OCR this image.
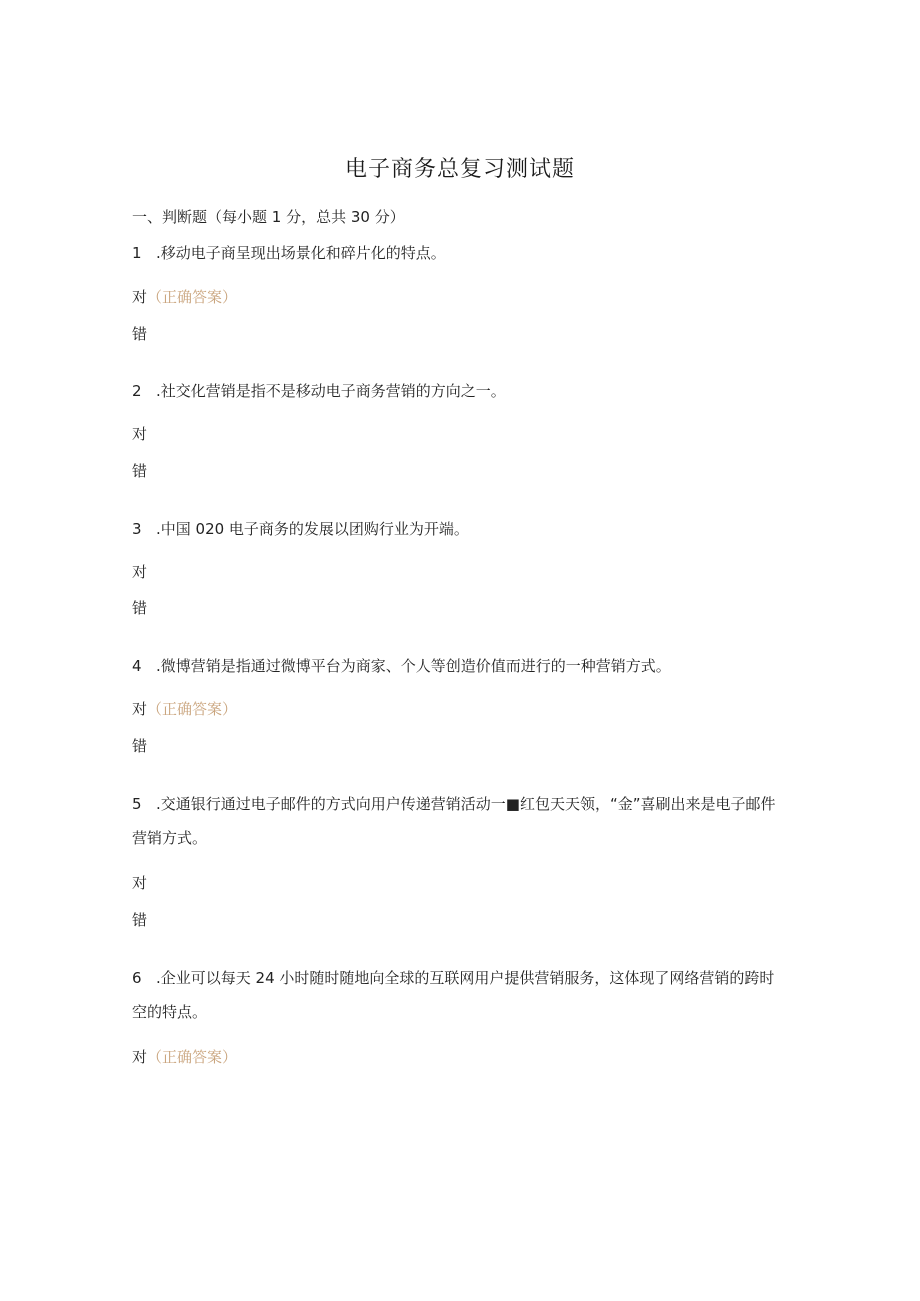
电子商务总复习测试题
一、判断题（每小题 1 分，总共 30 分）
1 .移动电子商呈现出场景化和碎片化的特点。
对（正确答案）
错
2 .社交化营销是指不是移动电子商务营销的方向之一。
对
错
3 .中国 020 电子商务的发展以团购行业为开端。
对
错
4 .微博营销是指通过微博平台为商家、个人等创造价值而进行的一种营销方式。
对（正确答案）
错
5 .交通银行通过电子邮件的方式向用户传递营销活动一■红包天天领，“金”喜刷出来是电子邮件营销方式。
对
错
6 .企业可以每天 24 小时随时随地向全球的互联网用户提供营销服务，这体现了网络营销的跨时空的特点。
对（正确答案）
